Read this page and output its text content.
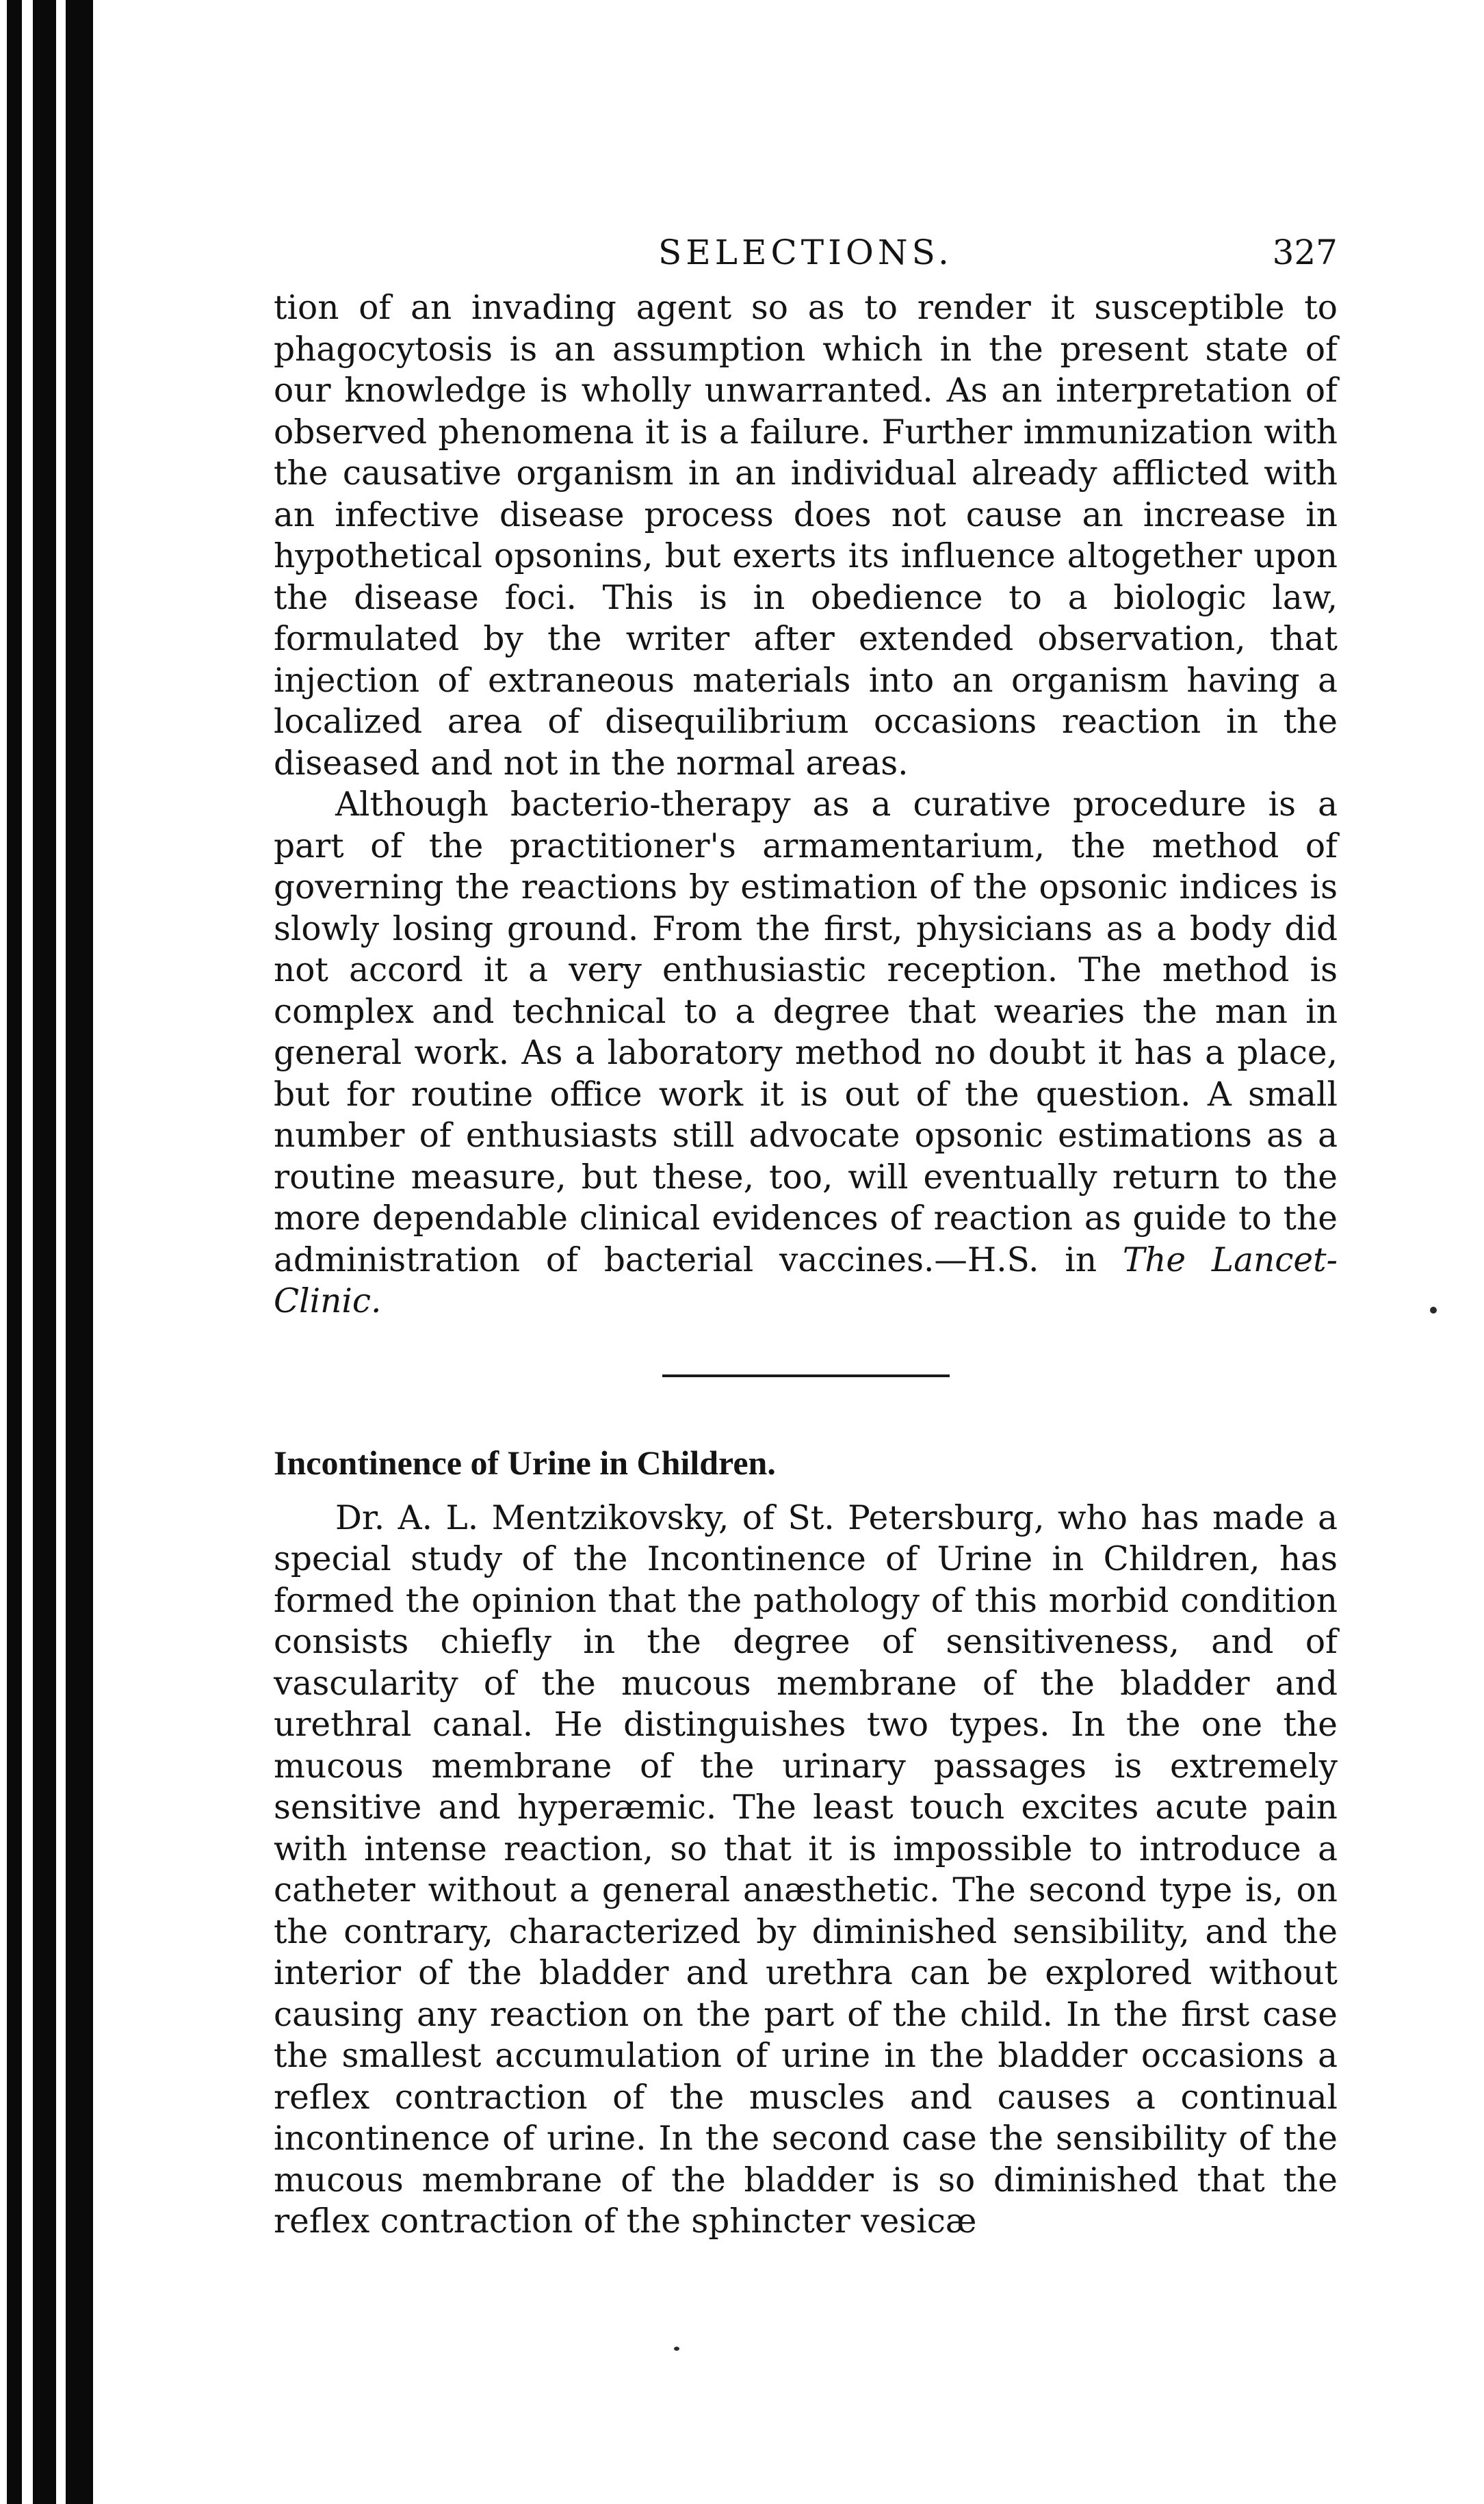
SELECTIONS.	327

tion of an invading agent so as to render it susceptible to phagocytosis is an assumption which in the present state of our knowledge is wholly unwarranted. As an interpretation of observed phenomena it is a failure. Further immunization with the causative organism in an individual already afflicted with an infective disease process does not cause an increase in hypothetical opsonins, but exerts its influence altogether upon the disease foci. This is in obedience to a biologic law, formulated by the writer after extended observation, that injection of extraneous materials into an organism having a localized area of disequilibrium occasions reaction in the diseased and not in the normal areas.

Although bacterio-therapy as a curative procedure is a part of the practitioner's armamentarium, the method of governing the reactions by estimation of the opsonic indices is slowly losing ground. From the first, physicians as a body did not accord it a very enthusiastic reception. The method is complex and technical to a degree that wearies the man in general work. As a laboratory method no doubt it has a place, but for routine office work it is out of the question. A small number of enthusiasts still advocate opsonic estimations as a routine measure, but these, too, will eventually return to the more dependable clinical evidences of reaction as guide to the administration of bacterial vaccines.—H.S. in The Lancet-Clinic.

Incontinence of Urine in Children.

Dr. A. L. Mentzikovsky, of St. Petersburg, who has made a special study of the Incontinence of Urine in Children, has formed the opinion that the pathology of this morbid condition consists chiefly in the degree of sensitiveness, and of vascularity of the mucous membrane of the bladder and urethral canal. He distinguishes two types. In the one the mucous membrane of the urinary passages is extremely sensitive and hyperæmic. The least touch excites acute pain with intense reaction, so that it is impossible to introduce a catheter without a general anæsthetic. The second type is, on the contrary, characterized by diminished sensibility, and the interior of the bladder and urethra can be explored without causing any reaction on the part of the child. In the first case the smallest accumulation of urine in the bladder occasions a reflex contraction of the muscles and causes a continual incontinence of urine. In the second case the sensibility of the mucous membrane of the bladder is so diminished that the reflex contraction of the sphincter vesicæ
